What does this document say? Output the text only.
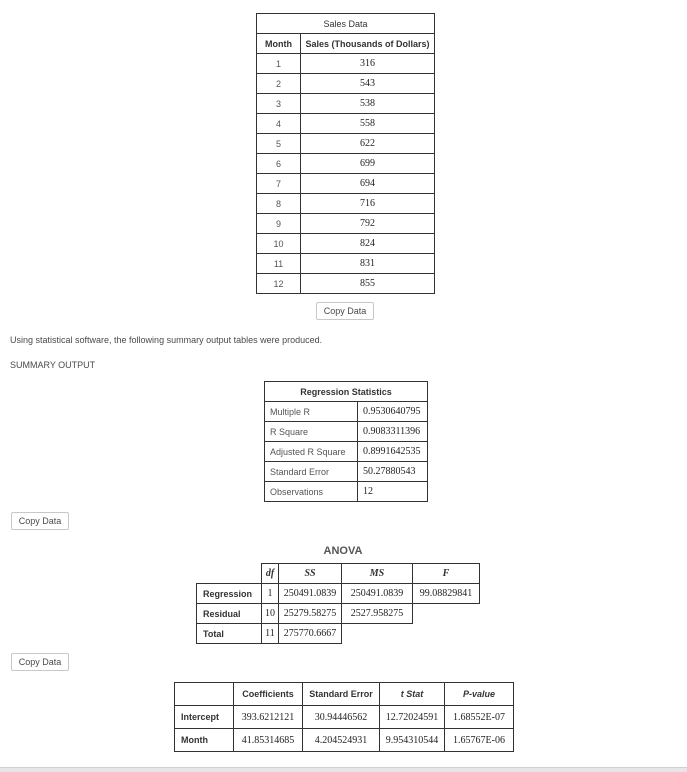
Sales Data	
Month	Sales (Thousands of Dollars)
1	316
2	543
3	538
4	558
5	622
6	699
7	694
8	716
9	792
10	824
11	831
12	855
Copy Data
Using statistical software, the following summary output tables were produced.
SUMMARY OUTPUT
Regression Statistics	
Multiple R	0.9530640795
R Square	0.9083311396
Adjusted R Square	0.8991642535
Standard Error	50.27880543
Observations	12
Copy Data
ANOVA
	df	SS	MS	F
Regression	1	250491.0839	250491.0839	99.08829841
Residual	10	25279.58275	2527.958275	
Total	11	275770.6667		
Copy Data
	Coefficients	Standard Error	t Stat	P-value
Intercept	393.6212121	30.94446562	12.72024591	1.68552E-07
Month	41.85314685	4.204524931	9.954310544	1.65767E-06
